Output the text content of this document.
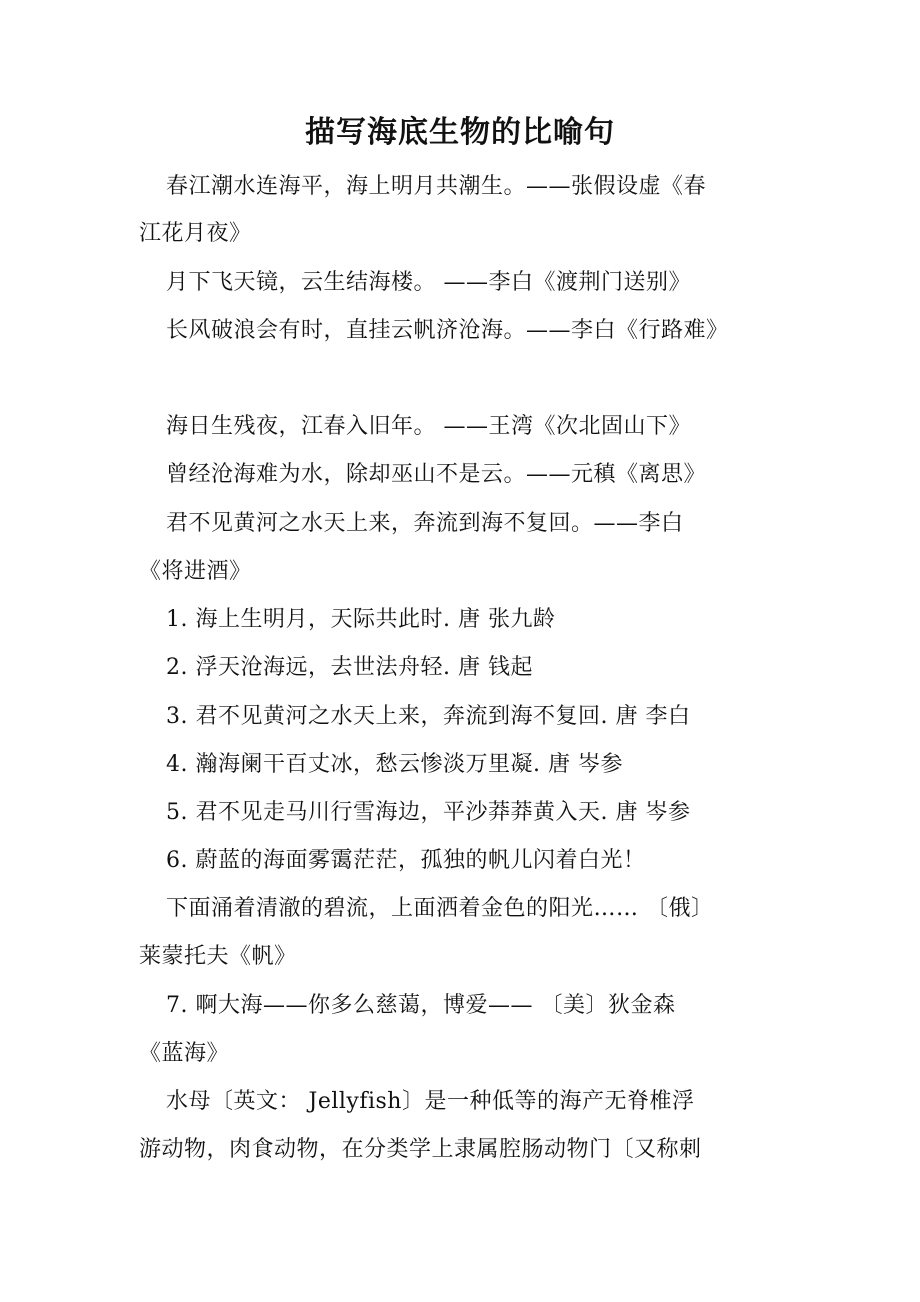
描写海底生物的比喻句
春江潮水连海平，海上明月共潮生。——张假设虚《春
江花月夜》
月下飞天镜，云生结海楼。 ——李白《渡荆门送别》
长风破浪会有时，直挂云帆济沧海。——李白《行路难》
海日生残夜，江春入旧年。 ——王湾《次北固山下》
曾经沧海难为水，除却巫山不是云。——元稹《离思》
君不见黄河之水天上来，奔流到海不复回。——李白
《将进酒》
1. 海上生明月，天际共此时. 唐 张九龄
2. 浮天沧海远，去世法舟轻. 唐 钱起
3. 君不见黄河之水天上来，奔流到海不复回. 唐 李白
4. 瀚海阑干百丈冰，愁云惨淡万里凝. 唐 岑参
5. 君不见走马川行雪海边，平沙莽莽黄入天. 唐 岑参
6. 蔚蓝的海面雾霭茫茫，孤独的帆儿闪着白光！
下面涌着清澈的碧流，上面洒着金色的阳光…… 〔俄〕
莱蒙托夫《帆》
7. 啊大海——你多么慈蔼，博爱—— 〔美〕狄金森
《蓝海》
水母〔英文： Jellyfish〕是一种低等的海产无脊椎浮
游动物，肉食动物，在分类学上隶属腔肠动物门〔又称刺
